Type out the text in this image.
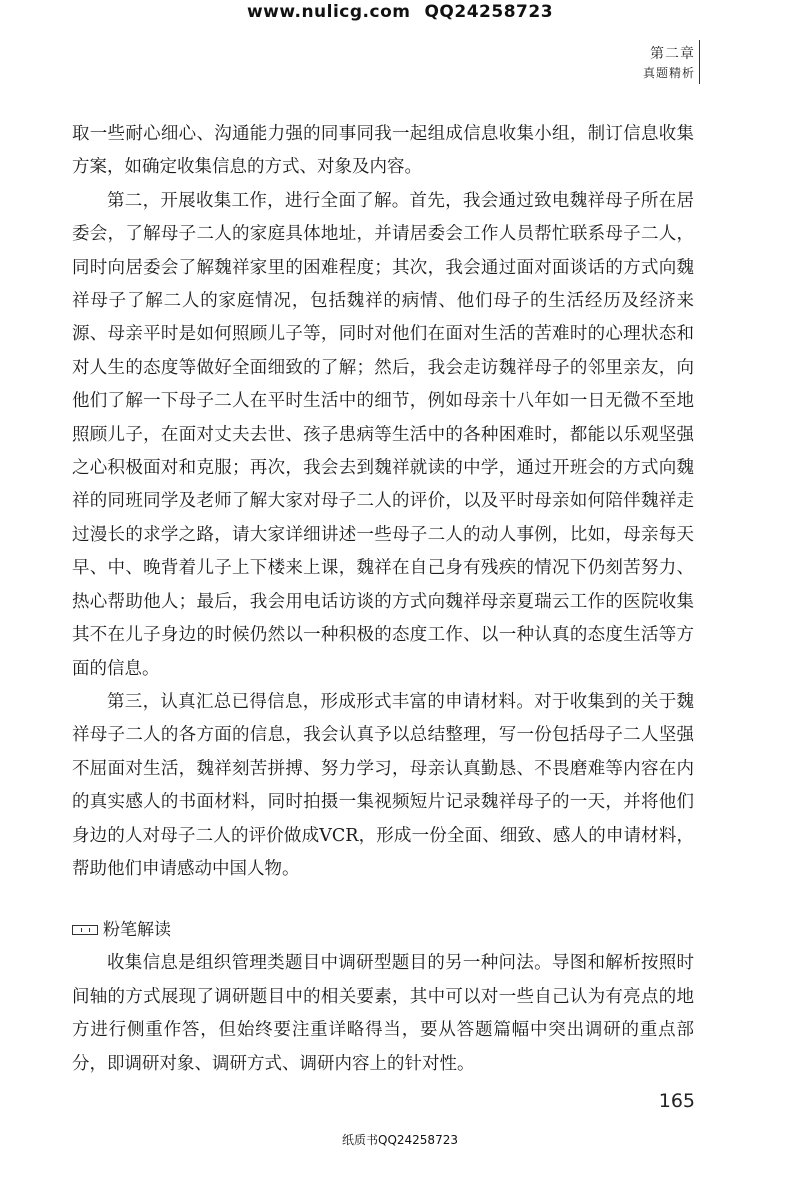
www.nulicg.com QQ24258723
第二章
真题精析

取一些耐心细心、沟通能力强的同事同我一起组成信息收集小组，制订信息收集方案，如确定收集信息的方式、对象及内容。

第二，开展收集工作，进行全面了解。首先，我会通过致电魏祥母子所在居委会，了解母子二人的家庭具体地址，并请居委会工作人员帮忙联系母子二人，同时向居委会了解魏祥家里的困难程度；其次，我会通过面对面谈话的方式向魏祥母子了解二人的家庭情况，包括魏祥的病情、他们母子的生活经历及经济来源、母亲平时是如何照顾儿子等，同时对他们在面对生活的苦难时的心理状态和对人生的态度等做好全面细致的了解；然后，我会走访魏祥母子的邻里亲友，向他们了解一下母子二人在平时生活中的细节，例如母亲十八年如一日无微不至地照顾儿子，在面对丈夫去世、孩子患病等生活中的各种困难时，都能以乐观坚强之心积极面对和克服；再次，我会去到魏祥就读的中学，通过开班会的方式向魏祥的同班同学及老师了解大家对母子二人的评价，以及平时母亲如何陪伴魏祥走过漫长的求学之路，请大家详细讲述一些母子二人的动人事例，比如，母亲每天早、中、晚背着儿子上下楼来上课，魏祥在自己身有残疾的情况下仍刻苦努力、热心帮助他人；最后，我会用电话访谈的方式向魏祥母亲夏瑞云工作的医院收集其不在儿子身边的时候仍然以一种积极的态度工作、以一种认真的态度生活等方面的信息。

第三，认真汇总已得信息，形成形式丰富的申请材料。对于收集到的关于魏祥母子二人的各方面的信息，我会认真予以总结整理，写一份包括母子二人坚强不屈面对生活，魏祥刻苦拼搏、努力学习，母亲认真勤恳、不畏磨难等内容在内的真实感人的书面材料，同时拍摄一集视频短片记录魏祥母子的一天，并将他们身边的人对母子二人的评价做成VCR，形成一份全面、细致、感人的申请材料，帮助他们申请感动中国人物。

粉笔解读

收集信息是组织管理类题目中调研型题目的另一种问法。导图和解析按照时间轴的方式展现了调研题目中的相关要素，其中可以对一些自己认为有亮点的地方进行侧重作答，但始终要注重详略得当，要从答题篇幅中突出调研的重点部分，即调研对象、调研方式、调研内容上的针对性。

165
纸质书QQ24258723
